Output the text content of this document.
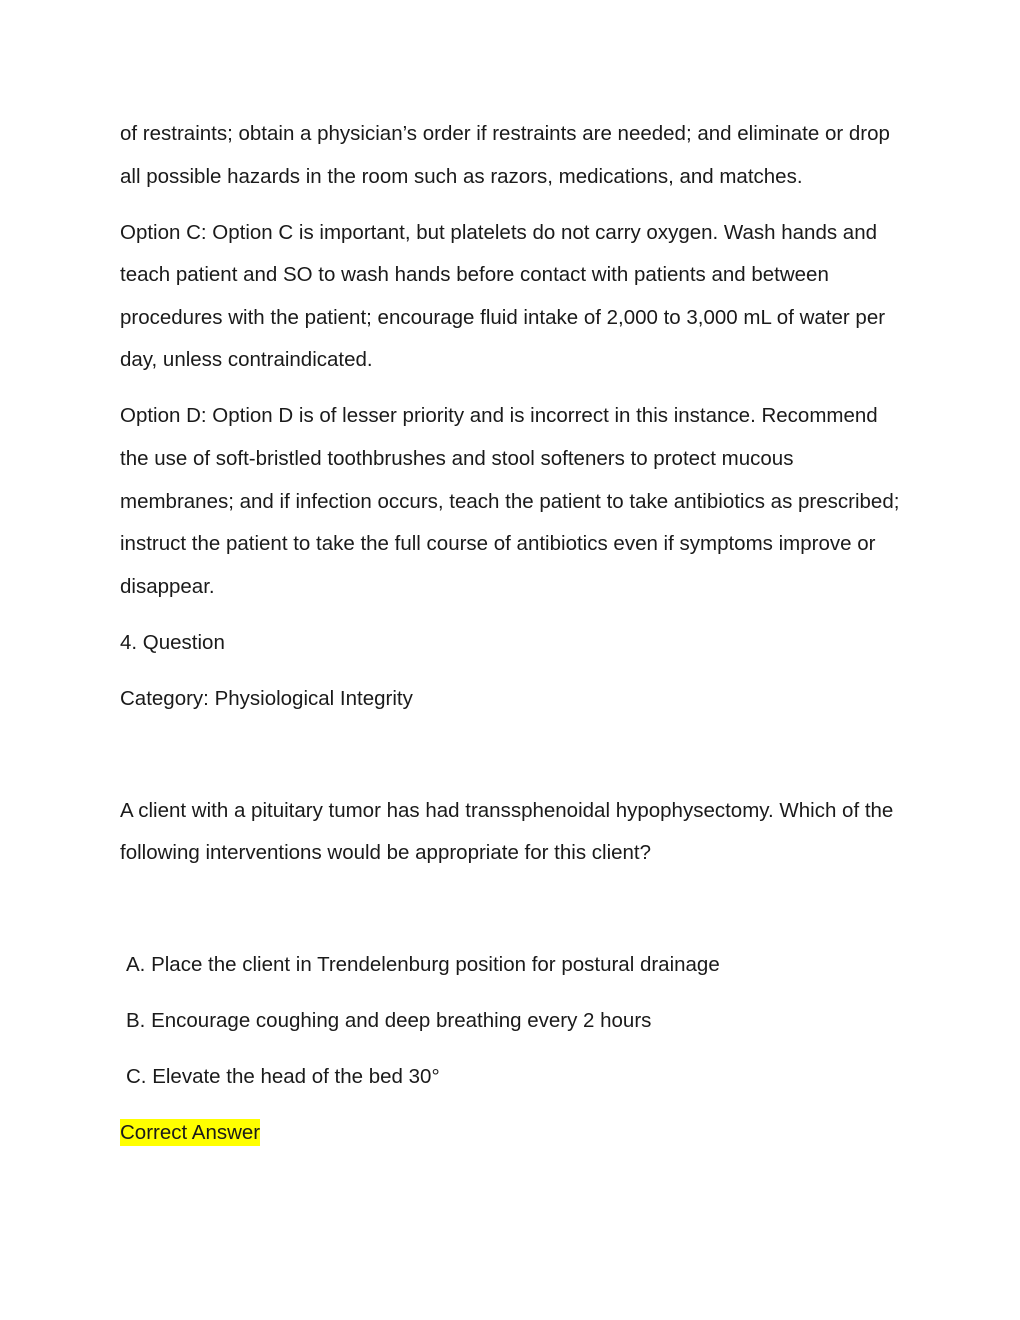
of restraints; obtain a physician’s order if restraints are needed; and eliminate or drop all possible hazards in the room such as razors, medications, and matches.

Option C: Option C is important, but platelets do not carry oxygen. Wash hands and teach patient and SO to wash hands before contact with patients and between procedures with the patient; encourage fluid intake of 2,000 to 3,000 mL of water per day, unless contraindicated.

Option D: Option D is of lesser priority and is incorrect in this instance. Recommend the use of soft-bristled toothbrushes and stool softeners to protect mucous membranes; and if infection occurs, teach the patient to take antibiotics as prescribed; instruct the patient to take the full course of antibiotics even if symptoms improve or disappear.

4. Question

Category: Physiological Integrity

A client with a pituitary tumor has had transsphenoidal hypophysectomy. Which of the following interventions would be appropriate for this client?

A. Place the client in Trendelenburg position for postural drainage

B. Encourage coughing and deep breathing every 2 hours

C. Elevate the head of the bed 30°

Correct Answer
